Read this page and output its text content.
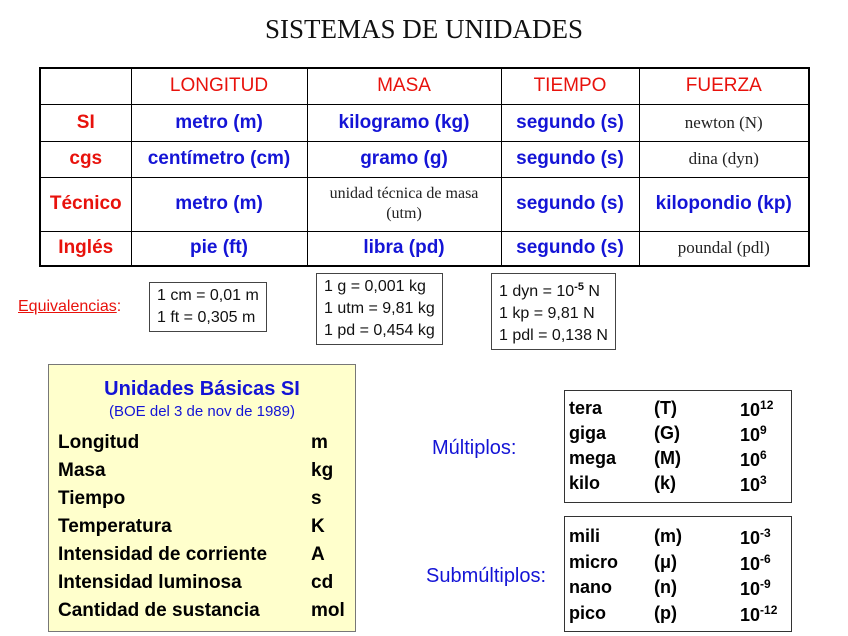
SISTEMAS DE UNIDADES
	LONGITUD	MASA	TIEMPO	FUERZA
SI	metro (m)	kilogramo (kg)	segundo (s)	newton (N)
cgs	centímetro (cm)	gramo (g)	segundo (s)	dina (dyn)
Técnico	metro (m)	unidad técnica de masa (utm)	segundo (s)	kilopondio (kp)
Inglés	pie (ft)	libra (pd)	segundo (s)	poundal (pdl)
Equivalencias:
1 cm = 0,01 m
1 ft = 0,305 m
1 g = 0,001 kg
1 utm = 9,81 kg
1 pd = 0,454 kg
1 dyn = $10^{-5}$ N
1 kp = 9,81 N
1 pdl = 0,138 N
Unidades Básicas SI
(BOE del 3 de nov de 1989)
Longitud	m
Masa	kg
Tiempo	s
Temperatura	K
Intensidad de corriente A
Intensidad luminosa	cd
Cantidad de sustancia	mol
Múltiplos:
tera	(T)	$10^{12}$
giga	(G)	$10^9$
mega (M)	$10^6$
kilo	(k)	$10^3$
Submúltiplos:
mili	(m)	$10^{-3}$
micro (μ)	$10^{-6}$
nano (n)	$10^{-9}$
pico	(p)	$10^{-12}$
